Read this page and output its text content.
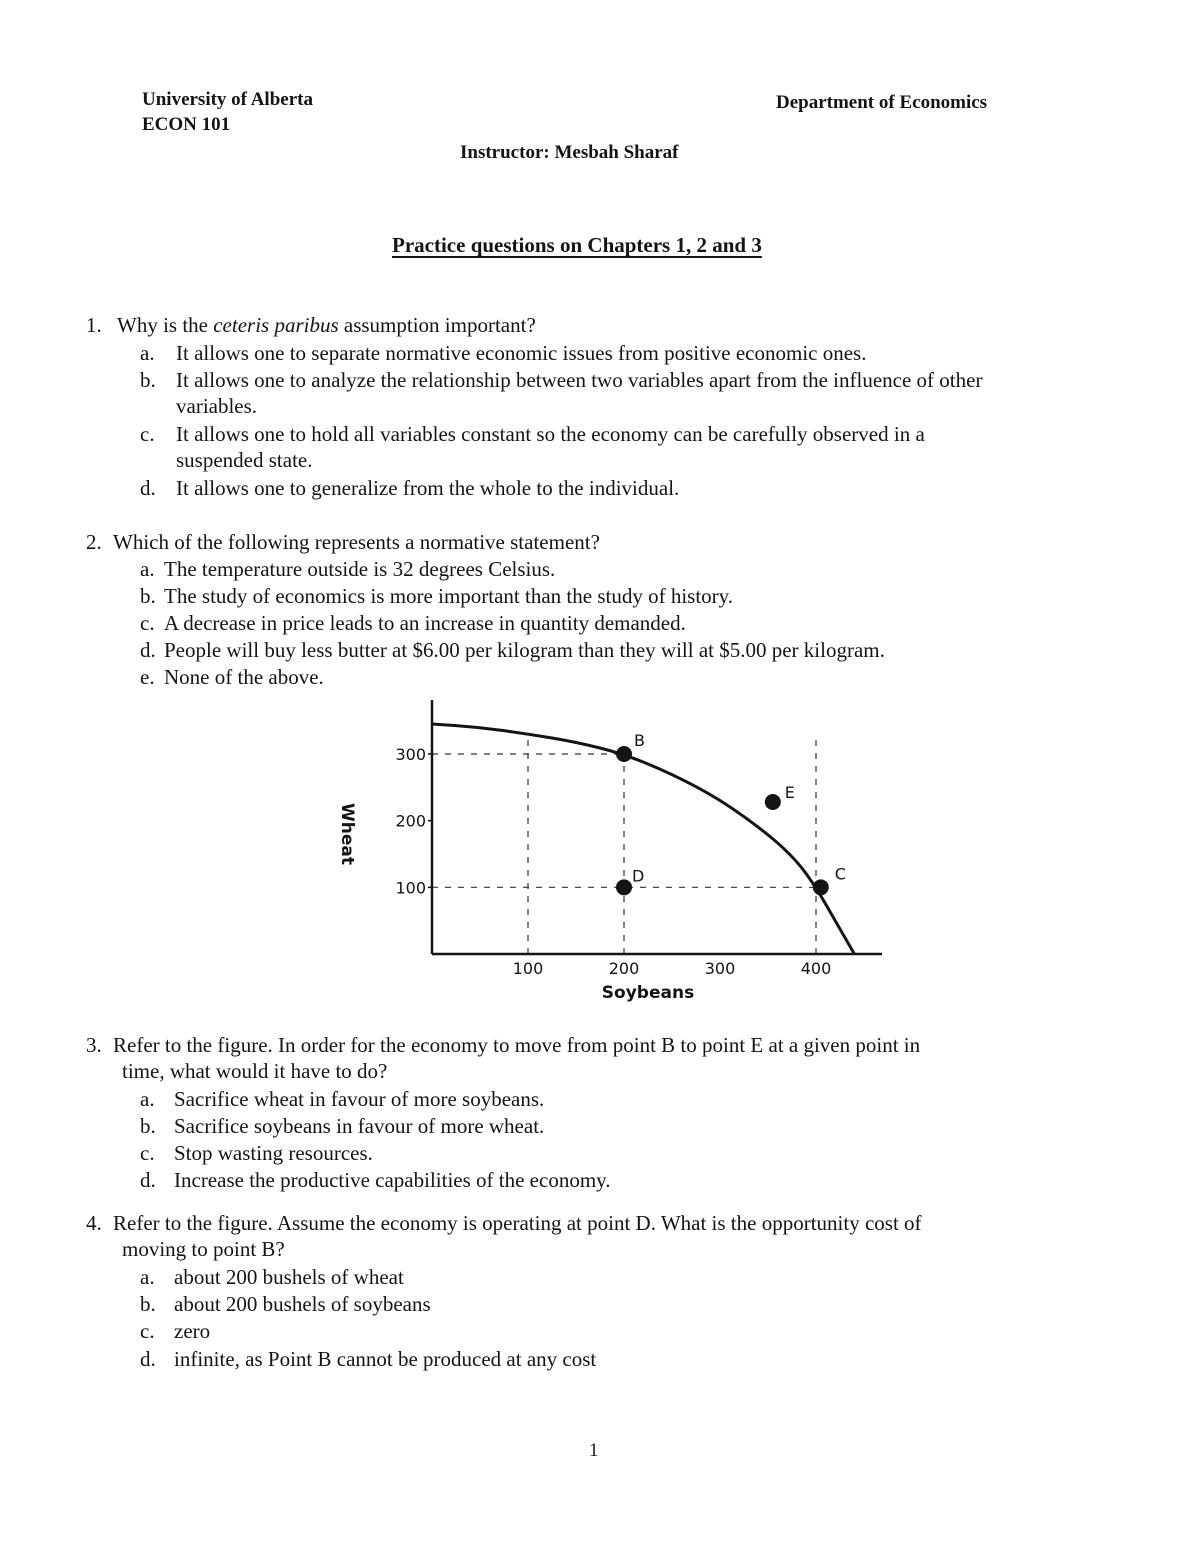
University of Alberta
ECON 101
Department of Economics
Instructor: Mesbah Sharaf
Practice questions on Chapters 1, 2 and 3
1. Why is the ceteris paribus assumption important?
a. It allows one to separate normative economic issues from positive economic ones.
b. It allows one to analyze the relationship between two variables apart from the influence of other
variables.
c. It allows one to hold all variables constant so the economy can be carefully observed in a
suspended state.
d. It allows one to generalize from the whole to the individual.
2. Which of the following represents a normative statement?
a. The temperature outside is 32 degrees Celsius.
b. The study of economics is more important than the study of history.
c. A decrease in price leads to an increase in quantity demanded.
d. People will buy less butter at $6.00 per kilogram than they will at $5.00 per kilogram.
e. None of the above.
100	200	300	400
100
200
300
B
E
D	C
Soybeans
Wheat
3. Refer to the figure. In order for the economy to move from point B to point E at a given point in
time, what would it have to do?
a. Sacrifice wheat in favour of more soybeans.
b. Sacrifice soybeans in favour of more wheat.
c. Stop wasting resources.
d. Increase the productive capabilities of the economy.
4. Refer to the figure. Assume the economy is operating at point D. What is the opportunity cost of
moving to point B?
a. about 200 bushels of wheat
b. about 200 bushels of soybeans
c. zero
d. infinite, as Point B cannot be produced at any cost
1
